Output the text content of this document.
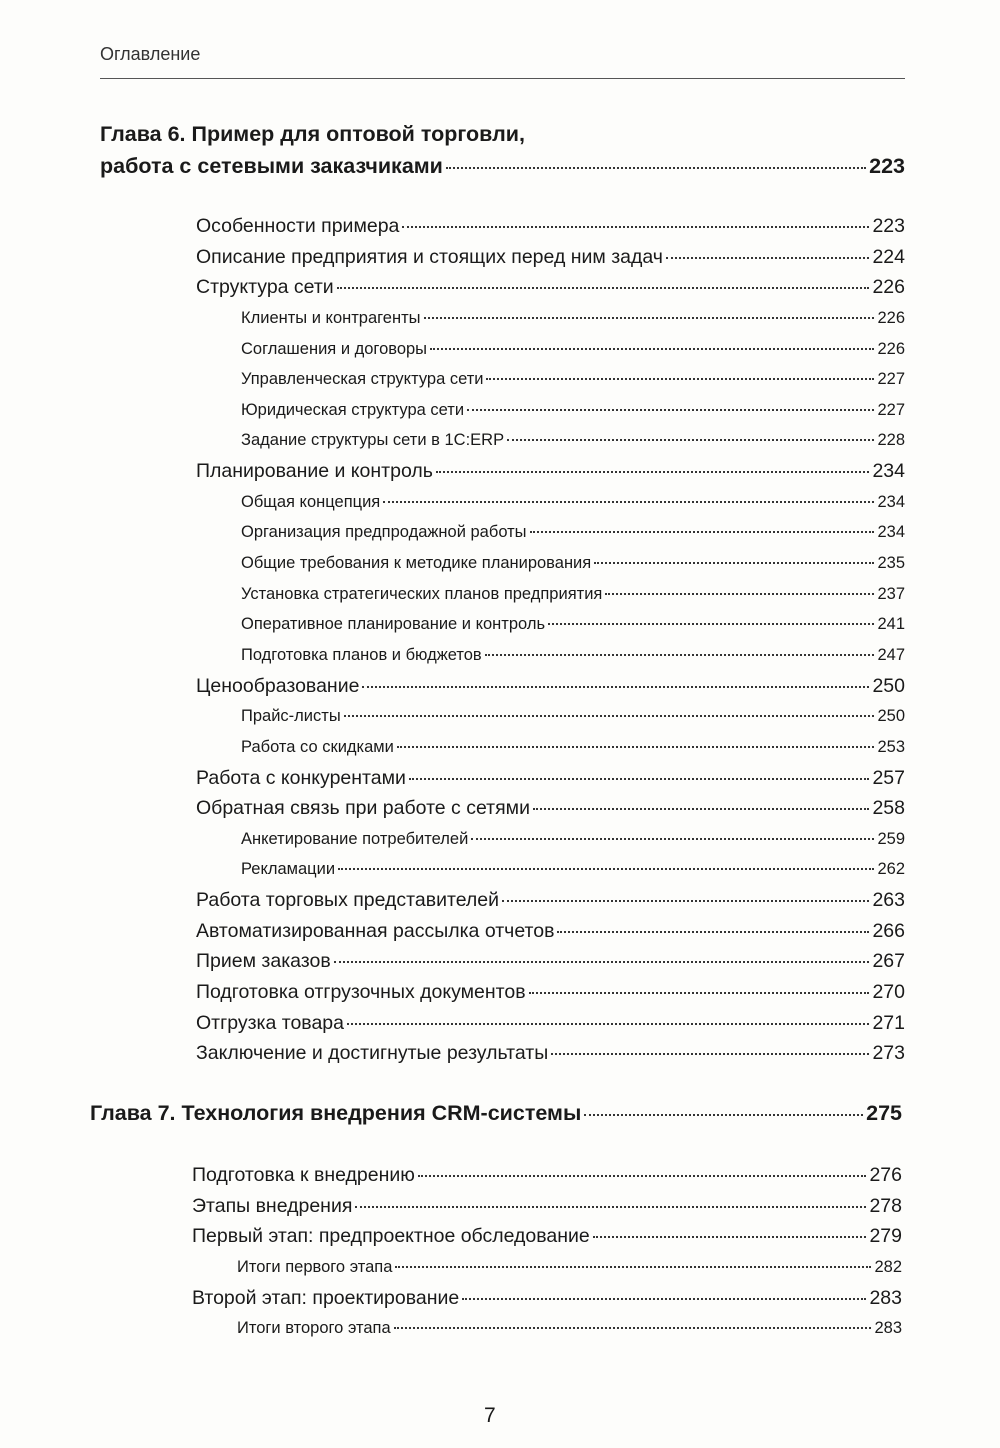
Оглавление
Глава 6. Пример для оптовой торговли,
работа с сетевыми заказчиками	223
Особенности примера	223
Описание предприятия и стоящих перед ним задач	224
Структура сети	226
Клиенты и контрагенты	226
Соглашения и договоры	226
Управленческая структура сети	227
Юридическая структура сети	227
Задание структуры сети в 1С:ERP	228
Планирование и контроль	234
Общая концепция	234
Организация предпродажной работы	234
Общие требования к методике планирования	235
Установка стратегических планов предприятия	237
Оперативное планирование и контроль	241
Подготовка планов и бюджетов	247
Ценообразование	250
Прайс-листы	250
Работа со скидками	253
Работа с конкурентами	257
Обратная связь при работе с сетями	258
Анкетирование потребителей	259
Рекламации	262
Работа торговых представителей	263
Автоматизированная рассылка отчетов	266
Прием заказов	267
Подготовка отгрузочных документов	270
Отгрузка товара	271
Заключение и достигнутые результаты	273
Глава 7. Технология внедрения CRM-системы	275
Подготовка к внедрению	276
Этапы внедрения	278
Первый этап: предпроектное обследование	279
Итоги первого этапа	282
Второй этап: проектирование	283
Итоги второго этапа	283
7
